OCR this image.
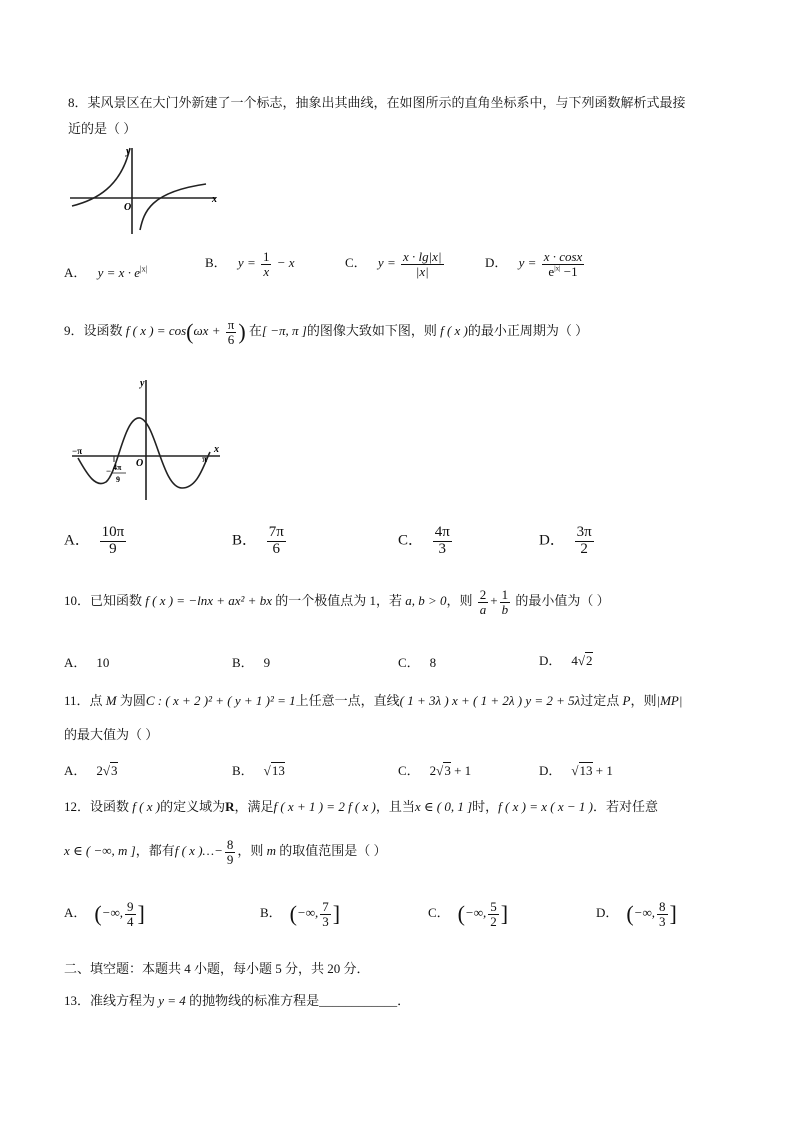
8．某风景区在大门外新建了一个标志，抽象出其曲线，在如图所示的直角坐标系中，与下列函数解析式最接
近的是（ ）
y
x
O
A． $y = x \cdot e^{|x|}$	B． $y = \frac{1}{x} - x$	C． $y = \frac{x \cdot \lg|x|}{|x|}$	D． $y = \frac{x \cdot \cos x}{e^{|x|} -1}$
9．设函数 f ( x ) = $\cos(\omega x + \frac{\pi}{6}$ ) 在[ −π, π ]的图像大致如下图，则 f ( x )的最小正周期为（ ）
y
x
O
−π
π
− 4π
9
A． $\frac{10\pi}{9}$	B． $\frac{7\pi}{6}$	C． $\frac{4\pi}{3}$	D． $\frac{3\pi}{2}$
10．已知函数 f ( x ) = −lnx + ax² + bx 的一个极值点为 1，若 a, b > 0，则 $\frac{2}{a} + \frac{1}{b}$ 的最小值为（ ）
A． 10	B． 9	C． 8	D． 4√2
11．点 M 为圆C : ( x + 2 )² + ( y + 1 )² = 1上任意一点，直线( 1 + 3λ ) x + ( 1 + 2λ ) y = 2 + 5λ过定点 P，则|MP|
的最大值为（ ）
A． 2√3	B． √13	C． 2√3 + 1	D． √13 + 1
12．设函数 f ( x )的定义域为R，满足f ( x + 1 ) = 2 f ( x )，且当x ∈ ( 0, 1 ]时，f ( x ) = x ( x − 1 )．若对任意
x ∈ ( −∞, m ]，都有f ( x )…− $\frac{8}{9}$ ，则 m 的取值范围是（ ）
A． (−∞, $\frac{9}{4}$ ]	B． (−∞, $\frac{7}{3}$ ]	C． (−∞, $\frac{5}{2}$ ]	D． (−∞, $\frac{8}{3}$ ]
二、填空题：本题共 4 小题，每小题 5 分，共 20 分．
13．准线方程为 y = 4 的抛物线的标准方程是____________．
